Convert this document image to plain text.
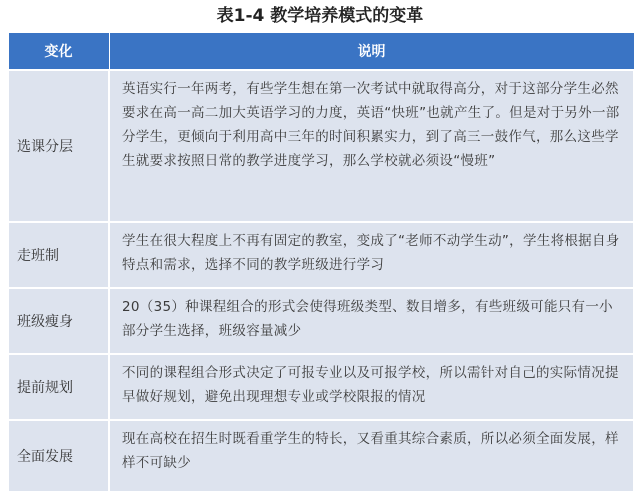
表1-4 教学培养模式的变革
变化	说明
选课分层	英语实行一年两考，有些学生想在第一次考试中就取得高分，对于这部分学生必然要求在高一高二加大英语学习的力度，英语“快班”也就产生了。但是对于另外一部分学生，更倾向于利用高中三年的时间积累实力，到了高三一鼓作气，那么这些学生就要求按照日常的教学进度学习，那么学校就必须设“慢班”
走班制	学生在很大程度上不再有固定的教室，变成了“老师不动学生动”，学生将根据自身特点和需求，选择不同的教学班级进行学习
班级瘦身	20（35）种课程组合的形式会使得班级类型、数目增多，有些班级可能只有一小部分学生选择，班级容量减少
提前规划	不同的课程组合形式决定了可报专业以及可报学校，所以需针对自己的实际情况提早做好规划，避免出现理想专业或学校限报的情况
全面发展	现在高校在招生时既看重学生的特长，又看重其综合素质，所以必须全面发展，样样不可缺少
